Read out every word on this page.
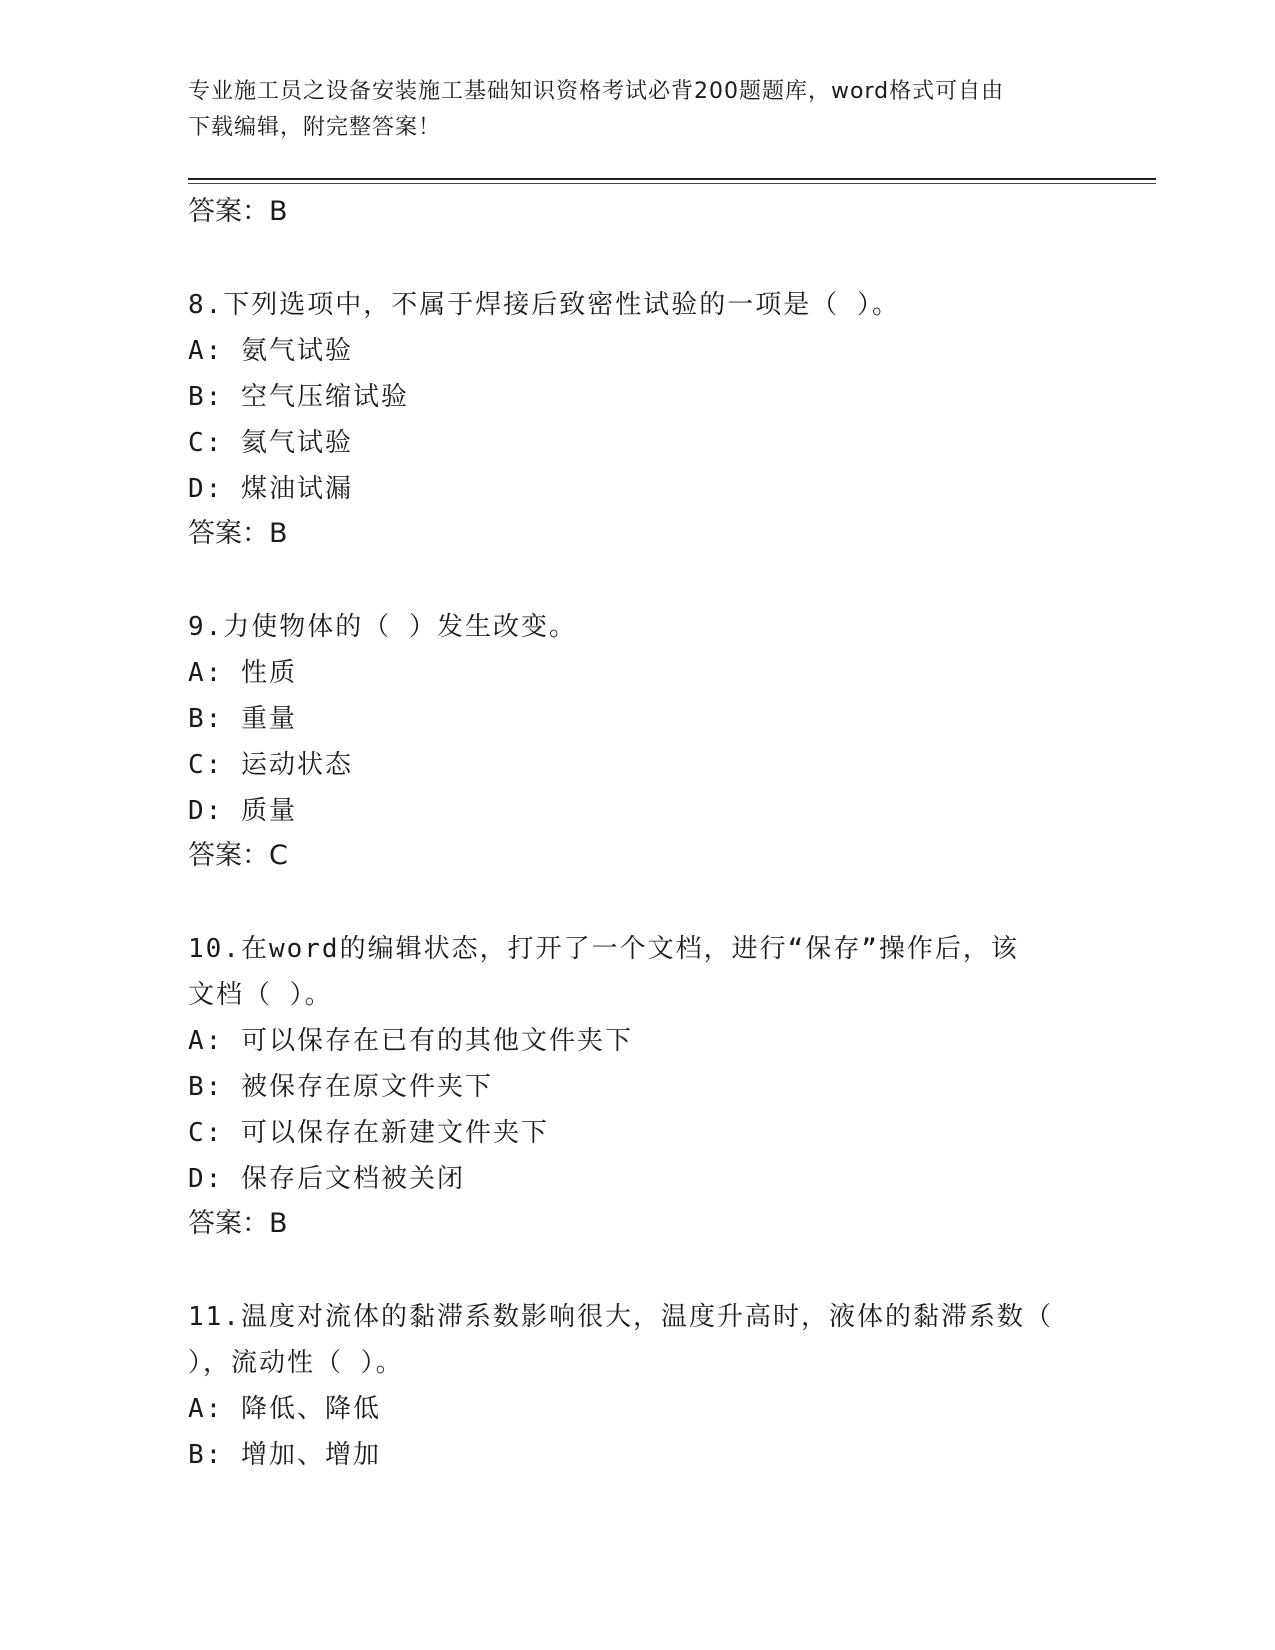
专业施工员之设备安装施工基础知识资格考试必背200题题库，word格式可自由
下载编辑，附完整答案！
答案：B
8.下列选项中，不属于焊接后致密性试验的一项是（ ）。
A: 氨气试验
B: 空气压缩试验
C: 氦气试验
D: 煤油试漏
答案：B
9.力使物体的（ ）发生改变。
A: 性质
B: 重量
C: 运动状态
D: 质量
答案：C
10.在word的编辑状态，打开了一个文档，进行“保存”操作后，该
文档（ ）。
A: 可以保存在已有的其他文件夹下
B: 被保存在原文件夹下
C: 可以保存在新建文件夹下
D: 保存后文档被关闭
答案：B
11.温度对流体的黏滞系数影响很大，温度升高时，液体的黏滞系数（
），流动性（ ）。
A: 降低、降低
B: 增加、增加
